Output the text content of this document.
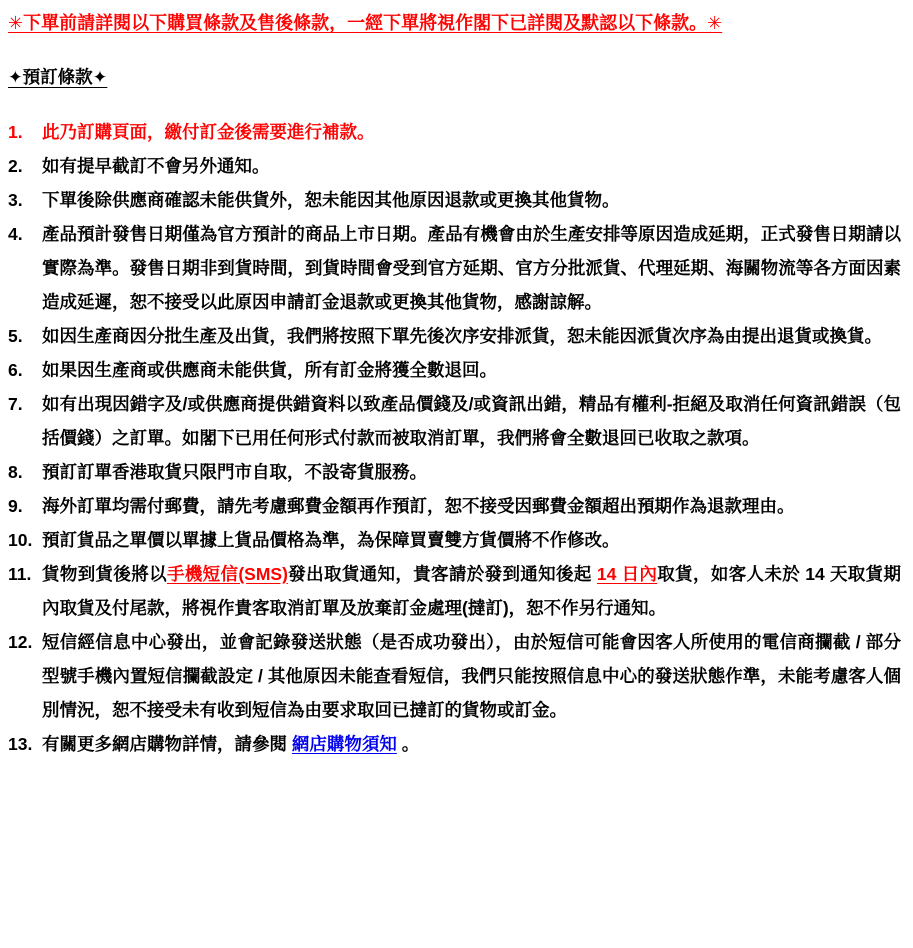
✳下單前請詳閱以下購買條款及售後條款，一經下單將視作閣下已詳閱及默認以下條款。✳
✦預訂條款✦
1.	此乃訂購頁面，繳付訂金後需要進行補款。
2.	如有提早截訂不會另外通知。
3.	下單後除供應商確認未能供貨外，恕未能因其他原因退款或更換其他貨物。
4.	產品預計發售日期僅為官方預計的商品上市日期。產品有機會由於生產安排等原因造成延期，正式發售日期請以實際為準。發售日期非到貨時間，到貨時間會受到官方延期、官方分批派貨、代理延期、海關物流等各方面因素造成延遲，恕不接受以此原因申請訂金退款或更換其他貨物，感謝諒解。
5.	如因生產商因分批生產及出貨，我們將按照下單先後次序安排派貨，恕未能因派貨次序為由提出退貨或換貨。
6.	如果因生產商或供應商未能供貨，所有訂金將獲全數退回。
7.	如有出現因錯字及/或供應商提供錯資料以致產品價錢及/或資訊出錯，精品有權利-拒絕及取消任何資訊錯誤（包括價錢）之訂單。如閣下已用任何形式付款而被取消訂單，我們將會全數退回已收取之款項。
8.	預訂訂單香港取貨只限門市自取，不設寄貨服務。
9.	海外訂單均需付郵費，請先考慮郵費金額再作預訂，恕不接受因郵費金額超出預期作為退款理由。
10. 預訂貨品之單價以單據上貨品價格為準，為保障買賣雙方貨價將不作修改。
11. 貨物到貨後將以手機短信(SMS)發出取貨通知，貴客請於發到通知後起 14 日內取貨，如客人未於 14 天取貨期內取貨及付尾款，將視作貴客取消訂單及放棄訂金處理(撻訂)，恕不作另行通知。
12. 短信經信息中心發出，並會記錄發送狀態（是否成功發出），由於短信可能會因客人所使用的電信商攔截 / 部分型號手機內置短信攔截設定 / 其他原因未能查看短信，我們只能按照信息中心的發送狀態作準，未能考慮客人個別情況，恕不接受未有收到短信為由要求取回已撻訂的貨物或訂金。
13. 有關更多網店購物詳情，請參閱 網店購物須知 。
